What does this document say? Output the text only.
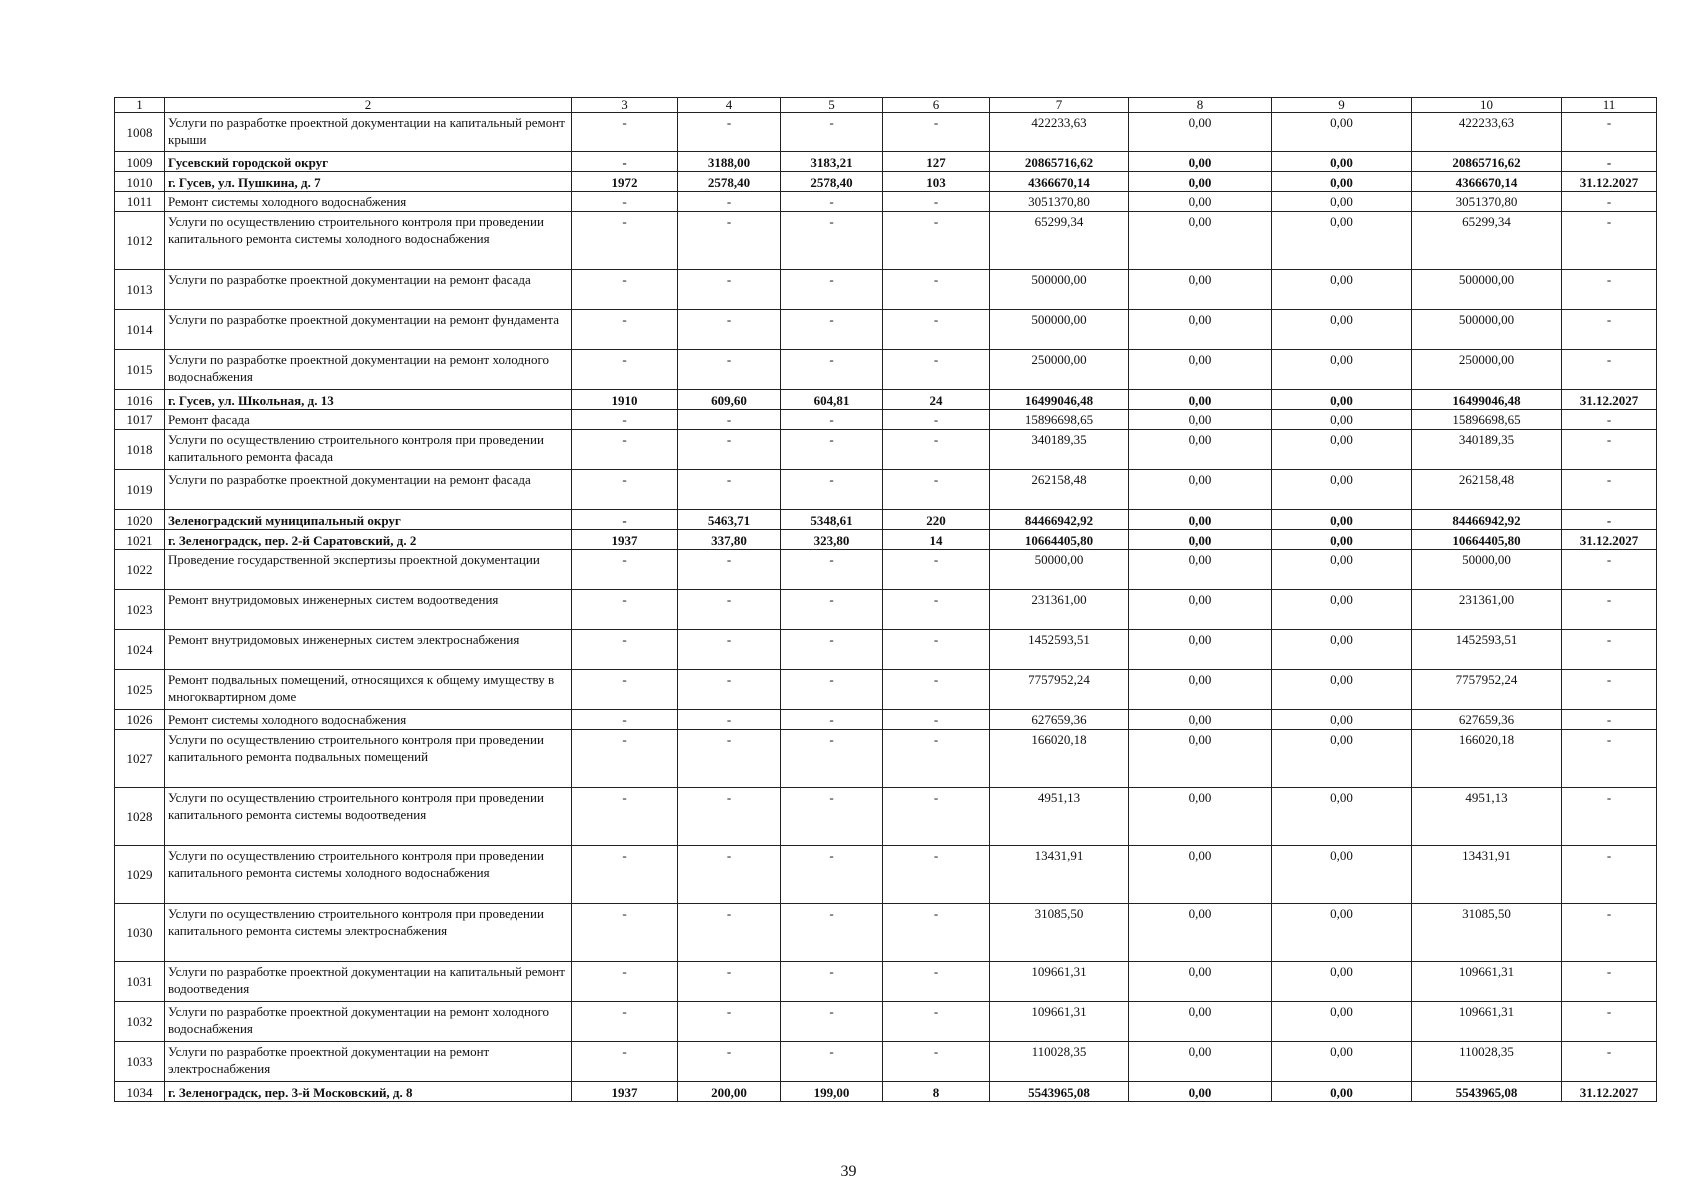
1	2	3	4	5	6	7	8	9	10	11
1008	Услуги по разработке проектной документации на капитальный ремонт крыши	-	-	-	-	422233,63	0,00	0,00	422233,63	-
1009	Гусевский городской округ	-	3188,00	3183,21	127	20865716,62	0,00	0,00	20865716,62	-
1010	г. Гусев, ул. Пушкина, д. 7	1972	2578,40	2578,40	103	4366670,14	0,00	0,00	4366670,14	31.12.2027
1011	Ремонт системы холодного водоснабжения	-	-	-	-	3051370,80	0,00	0,00	3051370,80	-
1012	Услуги по осуществлению строительного контроля при проведении капитального ремонта системы холодного водоснабжения	-	-	-	-	65299,34	0,00	0,00	65299,34	-
1013	Услуги по разработке проектной документации на ремонт фасада	-	-	-	-	500000,00	0,00	0,00	500000,00	-
1014	Услуги по разработке проектной документации на ремонт фундамента	-	-	-	-	500000,00	0,00	0,00	500000,00	-
1015	Услуги по разработке проектной документации на ремонт холодного водоснабжения	-	-	-	-	250000,00	0,00	0,00	250000,00	-
1016	г. Гусев, ул. Школьная, д. 13	1910	609,60	604,81	24	16499046,48	0,00	0,00	16499046,48	31.12.2027
1017	Ремонт фасада	-	-	-	-	15896698,65	0,00	0,00	15896698,65	-
1018	Услуги по осуществлению строительного контроля при проведении капитального ремонта фасада	-	-	-	-	340189,35	0,00	0,00	340189,35	-
1019	Услуги по разработке проектной документации на ремонт фасада	-	-	-	-	262158,48	0,00	0,00	262158,48	-
1020	Зеленоградский муниципальный округ	-	5463,71	5348,61	220	84466942,92	0,00	0,00	84466942,92	-
1021	г. Зеленоградск, пер. 2-й Саратовский, д. 2	1937	337,80	323,80	14	10664405,80	0,00	0,00	10664405,80	31.12.2027
1022	Проведение государственной экспертизы проектной документации	-	-	-	-	50000,00	0,00	0,00	50000,00	-
1023	Ремонт внутридомовых инженерных систем водоотведения	-	-	-	-	231361,00	0,00	0,00	231361,00	-
1024	Ремонт внутридомовых инженерных систем электроснабжения	-	-	-	-	1452593,51	0,00	0,00	1452593,51	-
1025	Ремонт подвальных помещений, относящихся к общему имуществу в многоквартирном доме	-	-	-	-	7757952,24	0,00	0,00	7757952,24	-
1026	Ремонт системы холодного водоснабжения	-	-	-	-	627659,36	0,00	0,00	627659,36	-
1027	Услуги по осуществлению строительного контроля при проведении капитального ремонта подвальных помещений	-	-	-	-	166020,18	0,00	0,00	166020,18	-
1028	Услуги по осуществлению строительного контроля при проведении капитального ремонта системы водоотведения	-	-	-	-	4951,13	0,00	0,00	4951,13	-
1029	Услуги по осуществлению строительного контроля при проведении капитального ремонта системы холодного водоснабжения	-	-	-	-	13431,91	0,00	0,00	13431,91	-
1030	Услуги по осуществлению строительного контроля при проведении капитального ремонта системы электроснабжения	-	-	-	-	31085,50	0,00	0,00	31085,50	-
1031	Услуги по разработке проектной документации на капитальный ремонт водоотведения	-	-	-	-	109661,31	0,00	0,00	109661,31	-
1032	Услуги по разработке проектной документации на ремонт холодного водоснабжения	-	-	-	-	109661,31	0,00	0,00	109661,31	-
1033	Услуги по разработке проектной документации на ремонт электроснабжения	-	-	-	-	110028,35	0,00	0,00	110028,35	-
1034	г. Зеленоградск, пер. 3-й Московский, д. 8	1937	200,00	199,00	8	5543965,08	0,00	0,00	5543965,08	31.12.2027
39
